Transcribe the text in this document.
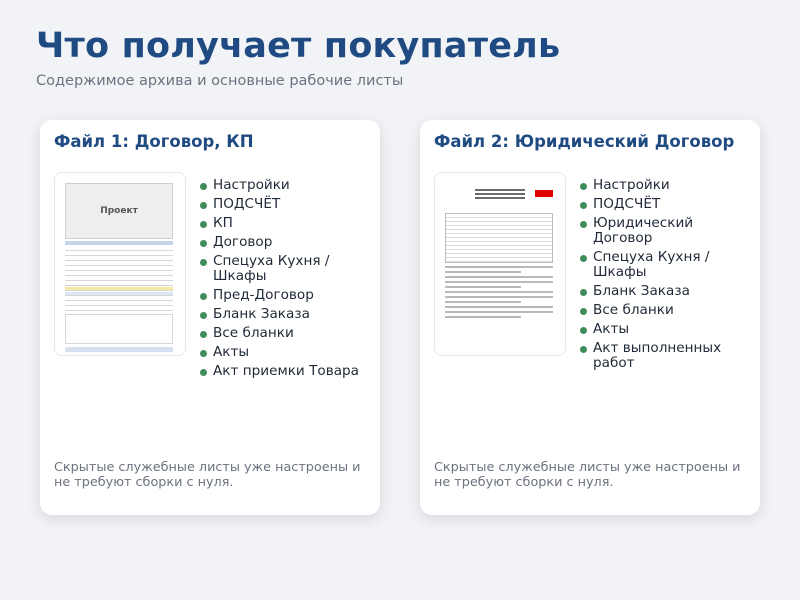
Что получает покупатель
Содержимое архива и основные рабочие листы
Файл 1: Договор, КП
Проект
Настройки
ПОДСЧЁТ
КП
Договор
Спецуха Кухня / Шкафы
Пред-Договор
Бланк Заказа
Все бланки
Акты
Акт приемки Товара
Скрытые служебные листы уже настроены и не требуют сборки с нуля.
Файл 2: Юридический Договор
Настройки
ПОДСЧЁТ
Юридический Договор
Спецуха Кухня / Шкафы
Бланк Заказа
Все бланки
Акты
Акт выполненных работ
Скрытые служебные листы уже настроены и не требуют сборки с нуля.
